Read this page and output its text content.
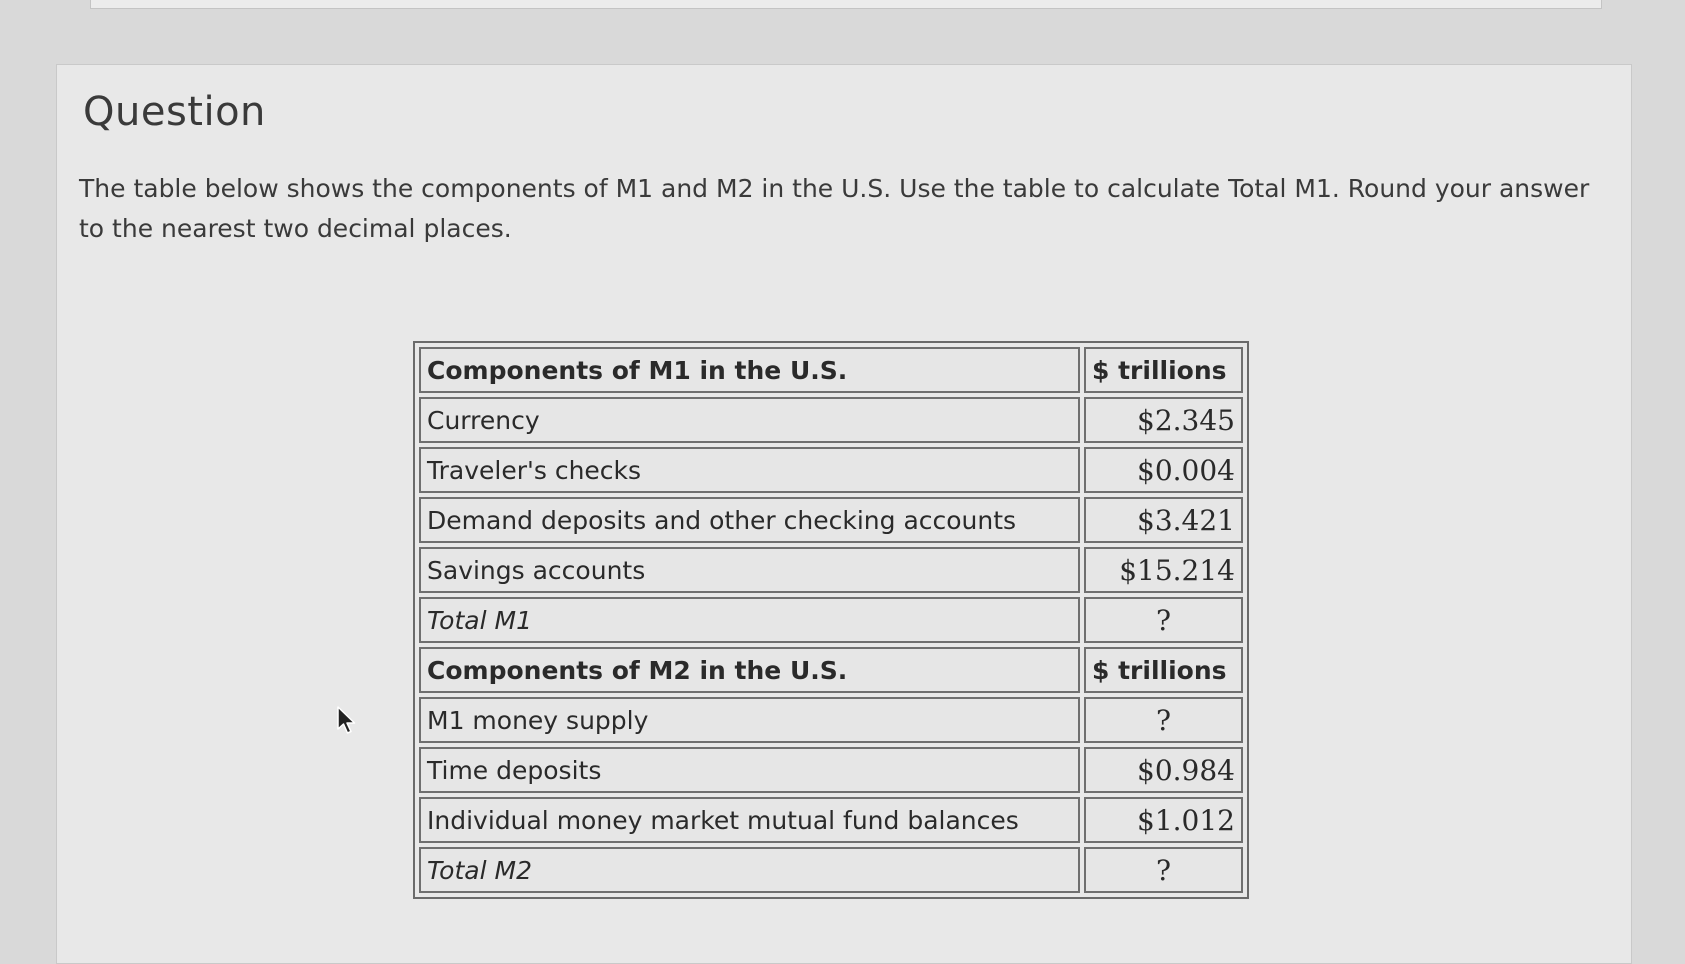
Question

The table below shows the components of M1 and M2 in the U.S. Use the table to calculate Total M1. Round your answer to the nearest two decimal places.

Components of M1 in the U.S.	$ trillions
Currency	$2.345
Traveler's checks	$0.004
Demand deposits and other checking accounts	$3.421
Savings accounts	$15.214
Total M1	?
Components of M2 in the U.S.	$ trillions
M1 money supply	?
Time deposits	$0.984
Individual money market mutual fund balances	$1.012
Total M2	?
